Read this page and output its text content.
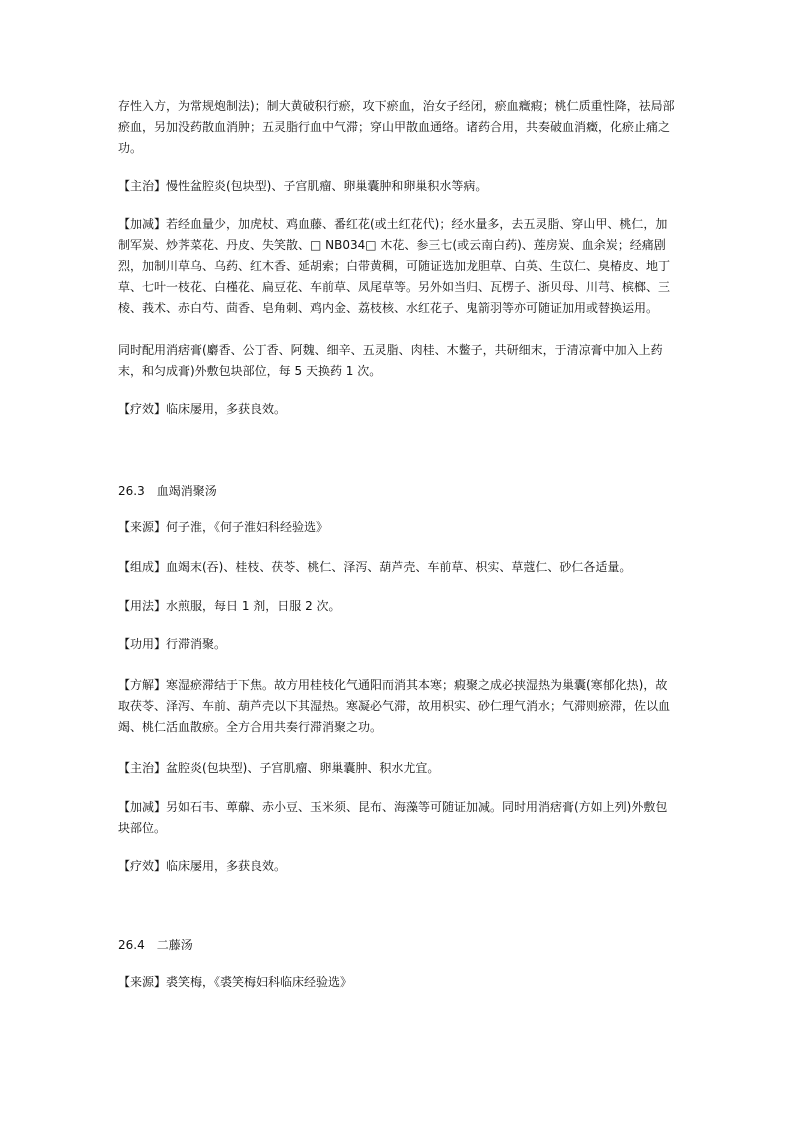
存性入方，为常规炮制法)；制大黄破积行瘀，攻下瘀血，治女子经闭，瘀血癥瘕；桃仁质重性降，祛局部瘀血，另加没药散血消肿；五灵脂行血中气滞；穿山甲散血通络。诸药合用，共奏破血消癥，化瘀止痛之功。

【主治】慢性盆腔炎(包块型)、子宫肌瘤、卵巢囊肿和卵巢积水等病。

【加减】若经血量少，加虎杖、鸡血藤、番红花(或土红花代)；经水量多，去五灵脂、穿山甲、桃仁，加制军炭、炒荠菜花、丹皮、失笑散、□ NB034□ 木花、参三七(或云南白药)、莲房炭、血余炭；经痛剧烈，加制川草乌、乌药、红木香、延胡索；白带黄稠，可随证选加龙胆草、白英、生苡仁、臭椿皮、地丁草、七叶一枝花、白槿花、扁豆花、车前草、凤尾草等。另外如当归、瓦楞子、浙贝母、川芎、槟榔、三棱、莪术、赤白芍、茴香、皂角刺、鸡内金、荔枝核、水红花子、鬼箭羽等亦可随证加用或替换运用。

同时配用消痞膏(麝香、公丁香、阿魏、细辛、五灵脂、肉桂、木鳖子，共研细末，于清凉膏中加入上药末，和匀成膏)外敷包块部位，每 5 天换药 1 次。

【疗效】临床屡用，多获良效。

26.3　血竭消聚汤

【来源】何子淮，《何子淮妇科经验选》

【组成】血竭末(吞)、桂枝、茯苓、桃仁、泽泻、葫芦壳、车前草、枳实、草蔻仁、砂仁各适量。

【用法】水煎服，每日 1 剂，日服 2 次。

【功用】行滞消聚。

【方解】寒湿瘀滞结于下焦。故方用桂枝化气通阳而消其本寒；瘕聚之成必挟湿热为巢囊(寒郁化热)，故取茯苓、泽泻、车前、葫芦壳以下其湿热。寒凝必气滞，故用枳实、砂仁理气消水；气滞则瘀滞，佐以血竭、桃仁活血散瘀。全方合用共奏行滞消聚之功。

【主治】盆腔炎(包块型)、子宫肌瘤、卵巢囊肿、积水尤宜。

【加减】另如石韦、萆薢、赤小豆、玉米须、昆布、海藻等可随证加减。同时用消痞膏(方如上列)外敷包块部位。

【疗效】临床屡用，多获良效。

26.4　二藤汤

【来源】裘笑梅，《裘笑梅妇科临床经验选》
